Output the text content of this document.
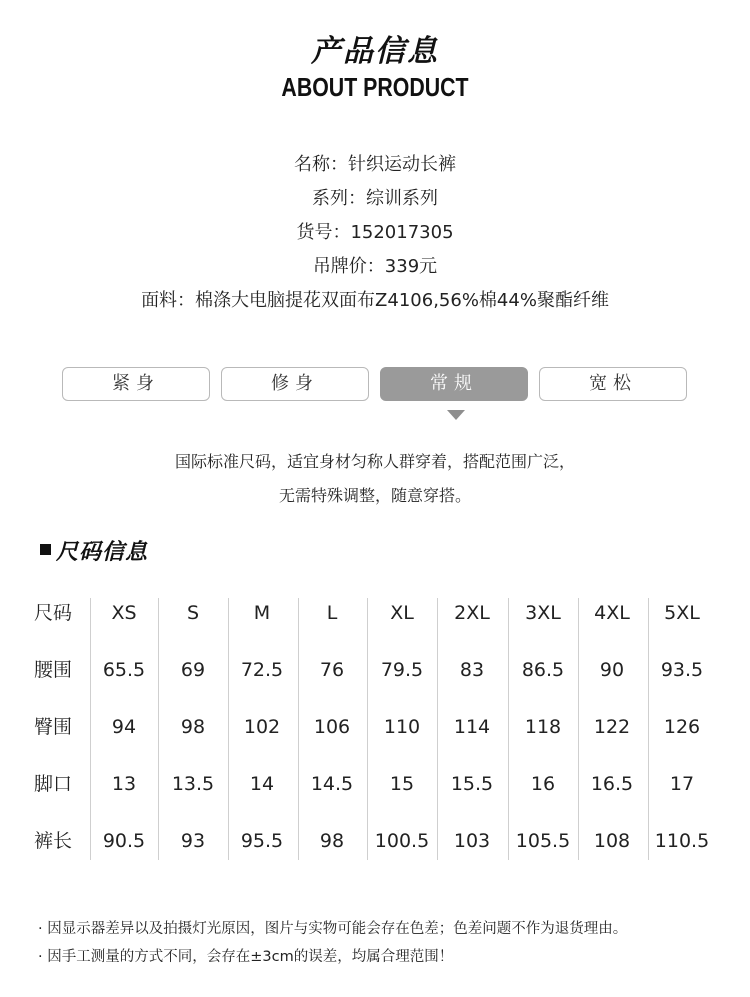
产品信息
ABOUT PRODUCT
名称：针织运动长裤
系列：综训系列
货号：152017305
吊牌价：339元
面料：棉涤大电脑提花双面布Z4106,56%棉44%聚酯纤维
紧身	修身	常规	宽松
国际标准尺码，适宜身材匀称人群穿着，搭配范围广泛，
无需特殊调整，随意穿搭。
尺码信息
尺码	XS	S	M	L	XL	2XL	3XL	4XL	5XL
腰围	65.5	69	72.5	76	79.5	83	86.5	90	93.5
臀围	94	98	102	106	110	114	118	122	126
脚口	13	13.5	14	14.5	15	15.5	16	16.5	17
裤长	90.5	93	95.5	98	100.5	103	105.5	108	110.5
· 因显示器差异以及拍摄灯光原因，图片与实物可能会存在色差；色差问题不作为退货理由。
· 因手工测量的方式不同，会存在±3cm的误差，均属合理范围！
